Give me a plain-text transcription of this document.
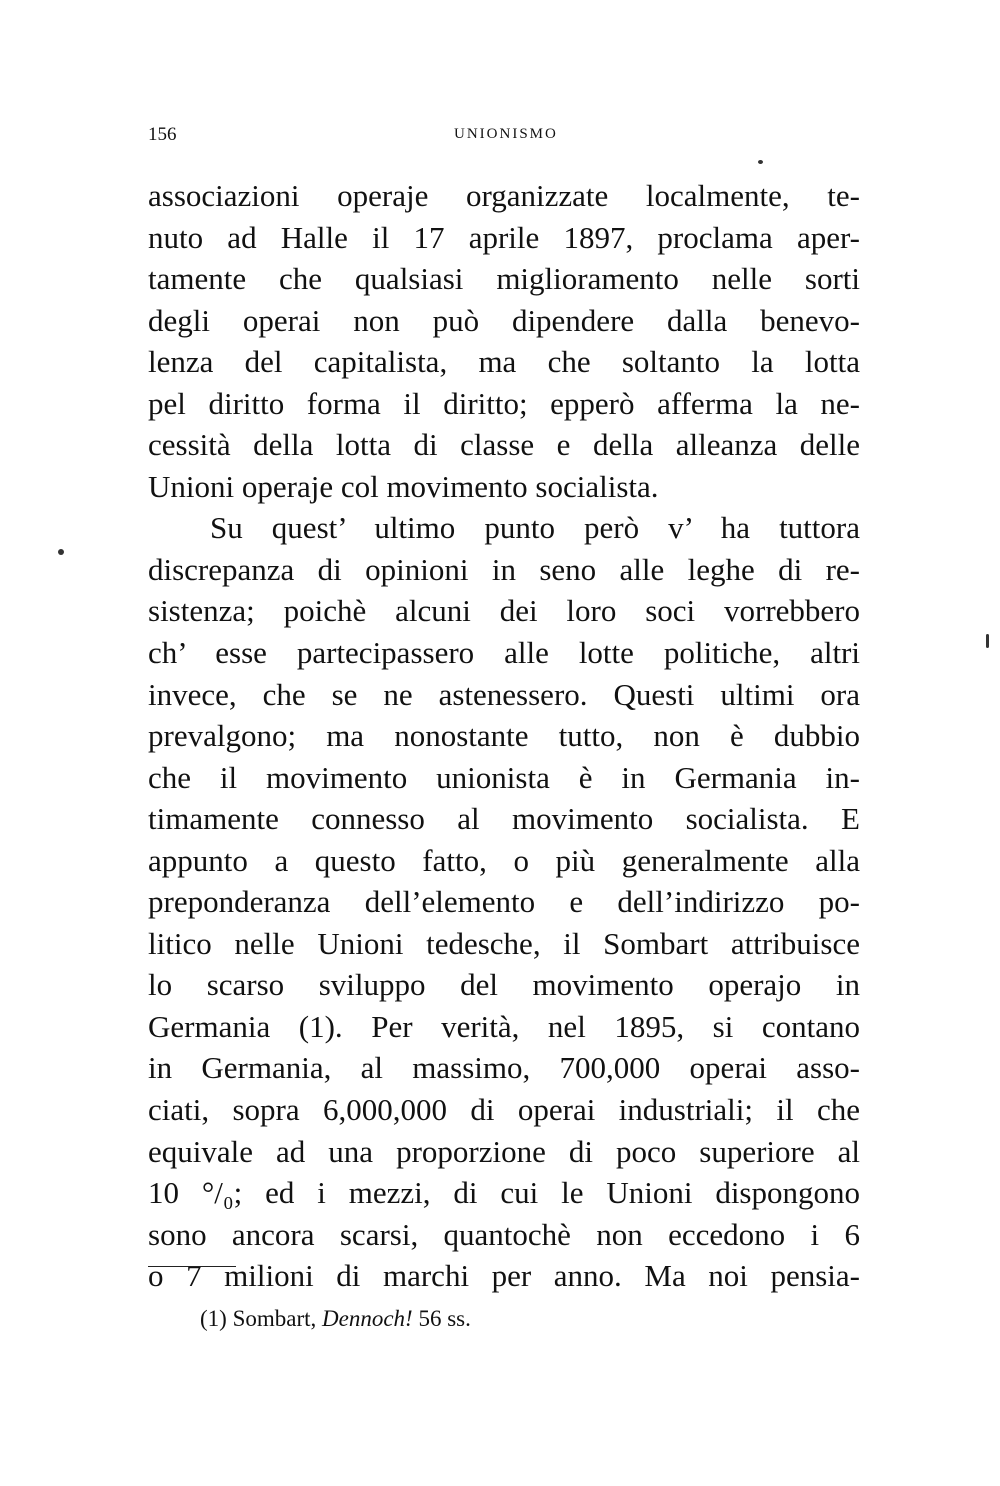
156	UNIONISMO
associazioni operaje organizzate localmente, te-
nuto ad Halle il 17 aprile 1897, proclama aper-
tamente che qualsiasi miglioramento nelle sorti
degli operai non può dipendere dalla benevo-
lenza del capitalista, ma che soltanto la lotta
pel diritto forma il diritto; epperò afferma la ne-
cessità della lotta di classe e della alleanza delle
Unioni operaje col movimento socialista.
Su quest’ ultimo punto però v’ ha tuttora
discrepanza di opinioni in seno alle leghe di re-
sistenza; poichè alcuni dei loro soci vorrebbero
ch’ esse partecipassero alle lotte politiche, altri
invece, che se ne astenessero. Questi ultimi ora
prevalgono; ma nonostante tutto, non è dubbio
che il movimento unionista è in Germania in-
timamente connesso al movimento socialista. E
appunto a questo fatto, o più generalmente alla
preponderanza dell’elemento e dell’indirizzo po-
litico nelle Unioni tedesche, il Sombart attribuisce
lo scarso sviluppo del movimento operajo in
Germania (1). Per verità, nel 1895, si contano
in Germania, al massimo, 700,000 operai asso-
ciati, sopra 6,000,000 di operai industriali; il che
equivale ad una proporzione di poco superiore al
10 °/₀; ed i mezzi, di cui le Unioni dispongono
sono ancora scarsi, quantochè non eccedono i 6
o 7 milioni di marchi per anno. Ma noi pensia-
(1) Sombart, Dennoch! 56 ss.
